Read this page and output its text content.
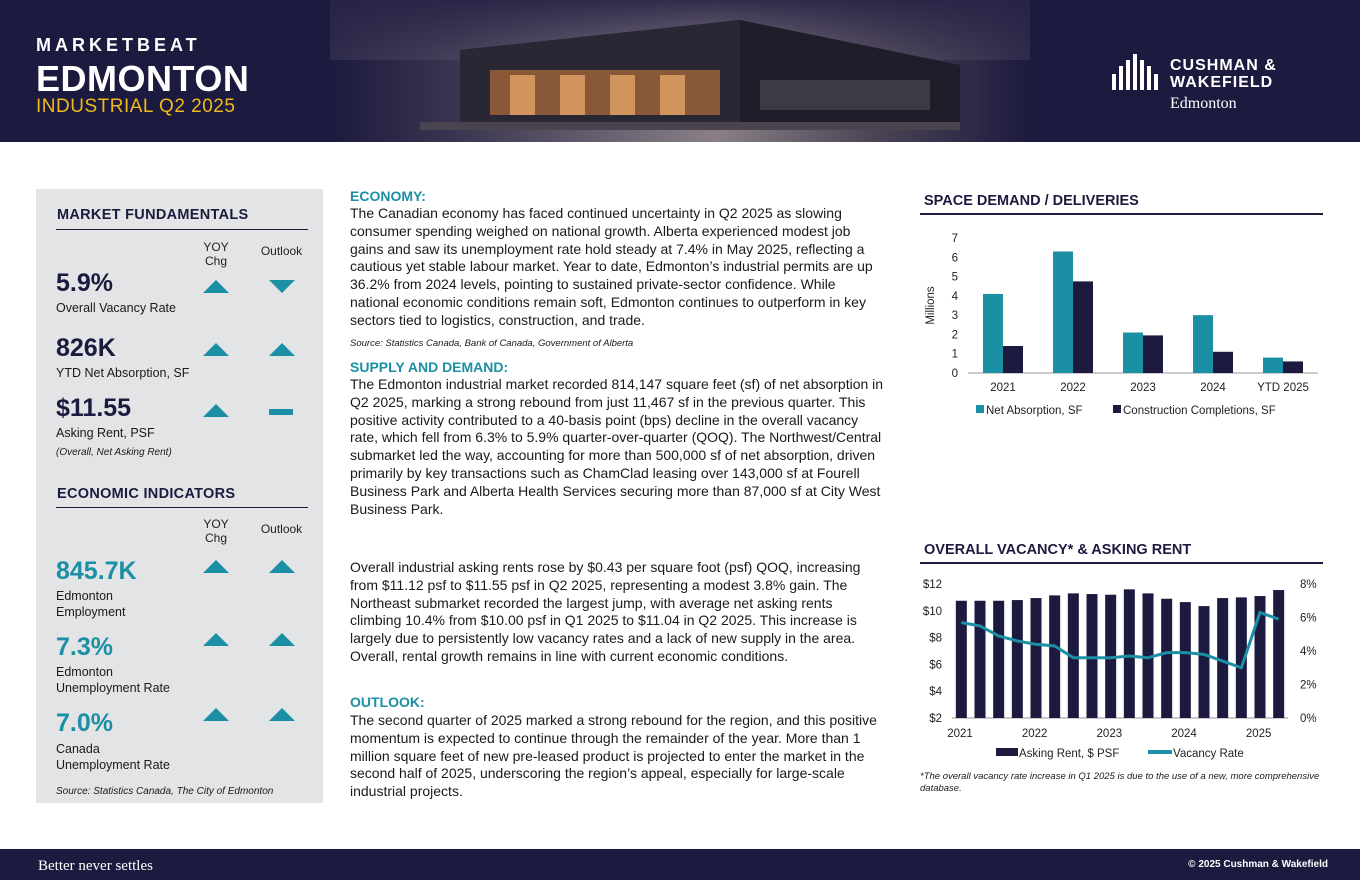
MARKETBEAT
EDMONTON
INDUSTRIAL Q2 2025
CUSHMAN &
WAKEFIELD
Edmonton
MARKET FUNDAMENTALS
YOY Chg
Outlook
5.9%
Overall Vacancy Rate
826K
YTD Net Absorption, SF
$11.55
Asking Rent, PSF
(Overall, Net Asking Rent)
ECONOMIC INDICATORS
YOY Chg
Outlook
845.7K
Edmonton
Employment
7.3%
Edmonton
Unemployment Rate
7.0%
Canada
Unemployment Rate
Source: Statistics Canada, The City of Edmonton
ECONOMY:
The Canadian economy has faced continued uncertainty in Q2 2025 as slowing consumer spending weighed on national growth. Alberta experienced modest job gains and saw its unemployment rate hold steady at 7.4% in May 2025, reflecting a cautious yet stable labour market. Year to date, Edmonton’s industrial permits are up 36.2% from 2024 levels, pointing to sustained private-sector confidence. While national economic conditions remain soft, Edmonton continues to outperform in key sectors tied to logistics, construction, and trade.
Source: Statistics Canada, Bank of Canada, Government of Alberta
SUPPLY AND DEMAND:
The Edmonton industrial market recorded 814,147 square feet (sf) of net absorption in Q2 2025, marking a strong rebound from just 11,467 sf in the previous quarter. This positive activity contributed to a 40-basis point (bps) decline in the overall vacancy rate, which fell from 6.3% to 5.9% quarter-over-quarter (QOQ). The Northwest/Central submarket led the way, accounting for more than 500,000 sf of net absorption, driven primarily by key transactions such as ChamClad leasing over 143,000 sf at Fourell Business Park and Alberta Health Services securing more than 87,000 sf at City West Business Park.
Overall industrial asking rents rose by $0.43 per square foot (psf) QOQ, increasing from $11.12 psf to $11.55 psf in Q2 2025, representing a modest 3.8% gain. The Northeast submarket recorded the largest jump, with average net asking rents climbing 10.4% from $10.00 psf in Q1 2025 to $11.04 in Q2 2025. This increase is largely due to persistently low vacancy rates and a lack of new supply in the area. Overall, rental growth remains in line with current economic conditions.
OUTLOOK:
The second quarter of 2025 marked a strong rebound for the region, and this positive momentum is expected to continue through the remainder of the year. More than 1 million square feet of new pre-leased product is projected to enter the market in the second half of 2025, underscoring the region’s appeal, especially for large-scale industrial projects.
SPACE DEMAND / DELIVERIES
0
1
2
3
4
5
6
7
Millions
2021	2022	2023	2024	YTD 2025
Net Absorption, SF	Construction Completions, SF
OVERALL VACANCY* & ASKING RENT
$2
$4
$6
$8
$10
$12
0%
2%
4%
6%
8%
2021	2022	2023	2024	2025
Asking Rent, $ PSF	Vacancy Rate
*The overall vacancy rate increase in Q1 2025 is due to the use of a new, more comprehensive database.
Better never settles	© 2025 Cushman & Wakefield
